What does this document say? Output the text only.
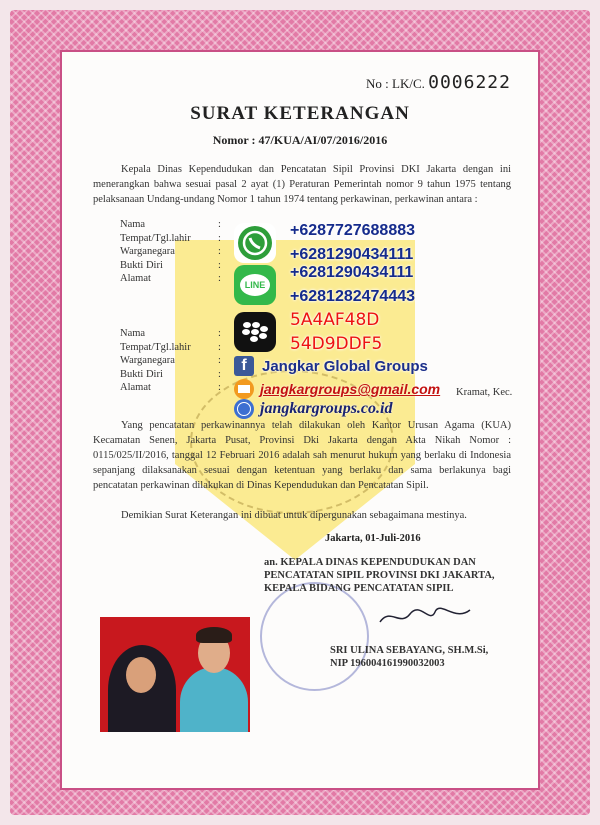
No : LK/C. 0006222
SURAT KETERANGAN
Nomor : 47/KUA/AI/07/2016/2016
Kepala Dinas Kependudukan dan Pencatatan Sipil Provinsi DKI Jakarta dengan ini menerangkan bahwa sesuai pasal 2 ayat (1) Peraturan Pemerintah nomor 9 tahun 1975 tentang pelaksanaan Undang-undang Nomor 1 tahun 1974 tentang perkawinan, perkawinan antara :
Nama
Tempat/Tgl.lahir
Warganegara
Bukti Diri
Alamat
:
:
:
:
:
Nama
Tempat/Tgl.lahir
Warganegara
Bukti Diri
Alamat
:
:
:
:
:	Kramat, Kec.
Yang pencatatan perkawinannya telah dilakukan oleh Kantor Urusan Agama (KUA) Kecamatan Senen, Jakarta Pusat, Provinsi Dki Jakarta dengan Akta Nikah Nomor : 0115/025/II/2016, tanggal 12 Februari 2016 adalah sah menurut hukum yang berlaku di Indonesia sepanjang dilaksanakan sesuai dengan ketentuan yang berlaku dan sama berlakunya bagi pencatatan perkawinan dilakukan di Dinas Kependudukan dan Pencatatan Sipil.
Demikian Surat Keterangan ini dibuat untuk dipergunakan sebagaimana mestinya.
Jakarta, 01-Juli-2016
an. KEPALA DINAS KEPENDUDUKAN DAN
PENCATATAN SIPIL PROVINSI DKI JAKARTA,
KEPALA BIDANG PENCATATAN SIPIL
SRI ULINA SEBAYANG, SH.M.Si,
NIP 196004161990032003
+6287727688883
+6281290434111
LINE
+6281290434111
+6281282474443
5A4AF48D
54D9DDF5
f	Jangkar Global Groups
jangkargroups@gmail.com
jangkargroups.co.id
